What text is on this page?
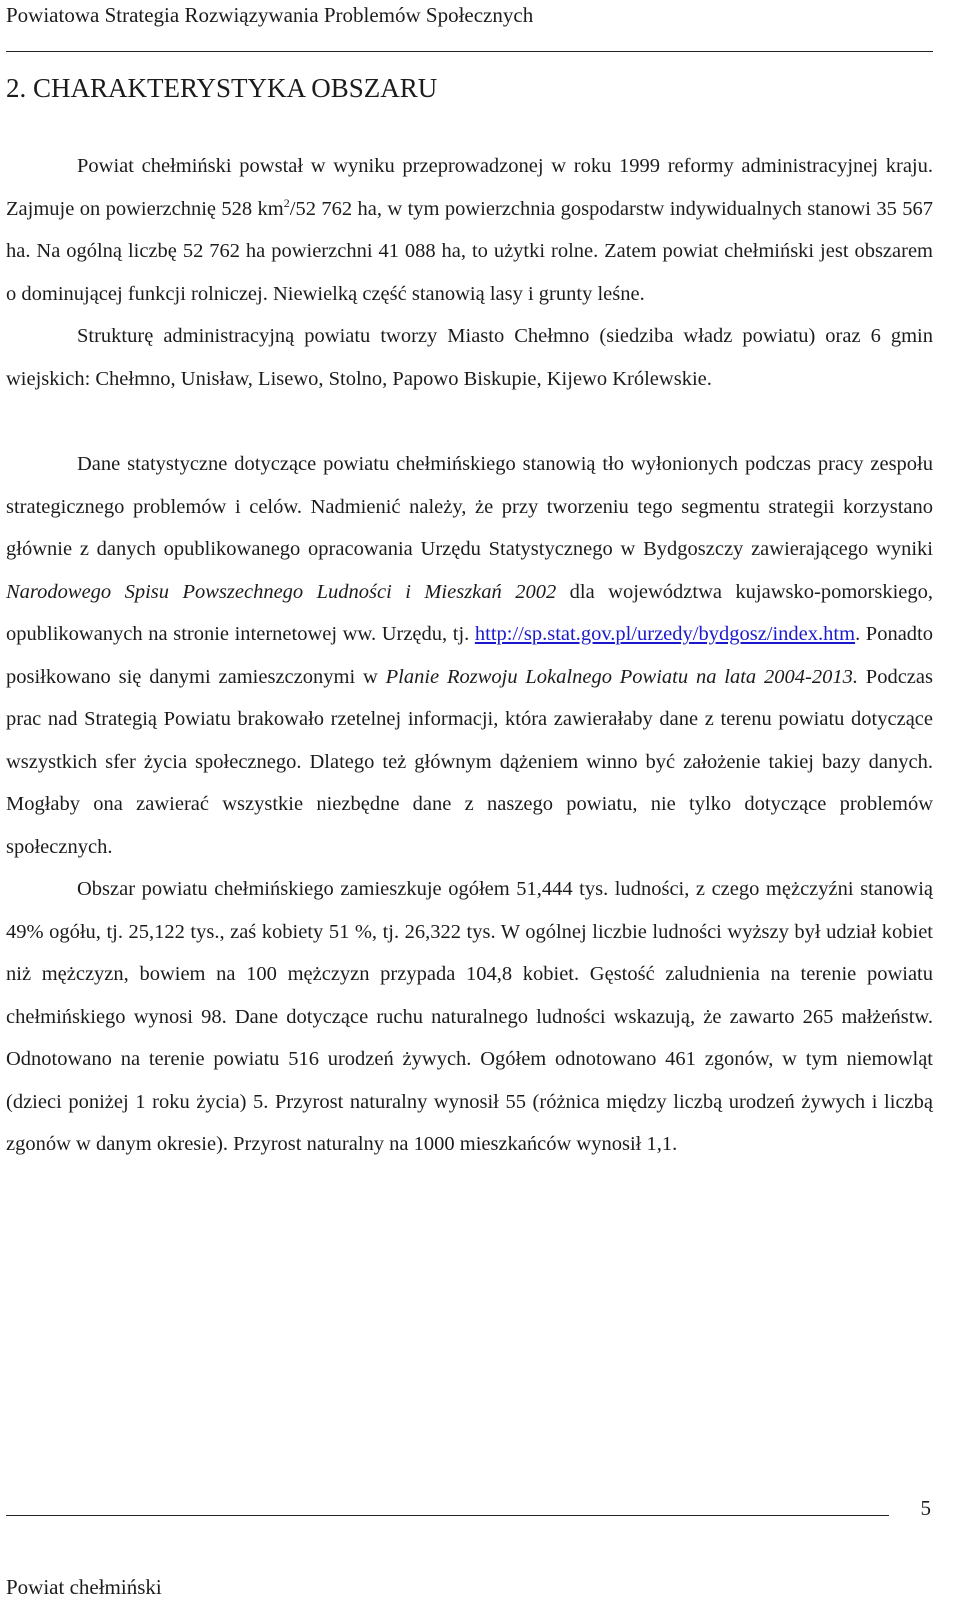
Powiatowa Strategia Rozwiązywania Problemów Społecznych
2. CHARAKTERYSTYKA OBSZARU

Powiat chełmiński powstał w wyniku przeprowadzonej w roku 1999 reformy administracyjnej kraju. Zajmuje on powierzchnię 528 $km^2/52$ 762 ha, w tym powierzchnia gospodarstw indywidualnych stanowi 35 567 ha. Na ogólną liczbę 52 762 ha powierzchni 41 088 ha, to użytki rolne. Zatem powiat chełmiński jest obszarem o dominującej funkcji rolniczej. Niewielką część stanowią lasy i grunty leśne.

Strukturę administracyjną powiatu tworzy Miasto Chełmno (siedziba władz powiatu) oraz 6 gmin wiejskich: Chełmno, Unisław, Lisewo, Stolno, Papowo Biskupie, Kijewo Królewskie.

Dane statystyczne dotyczące powiatu chełmińskiego stanowią tło wyłonionych podczas pracy zespołu strategicznego problemów i celów. Nadmienić należy, że przy tworzeniu tego segmentu strategii korzystano głównie z danych opublikowanego opracowania Urzędu Statystycznego w Bydgoszczy zawierającego wyniki Narodowego Spisu Powszechnego Ludności i Mieszkań 2002 dla województwa kujawsko-pomorskiego, opublikowanych na stronie internetowej ww. Urzędu, tj. http://sp.stat.gov.pl/urzedy/bydgosz/index.htm. Ponadto posiłkowano się danymi zamieszczonymi w Planie Rozwoju Lokalnego Powiatu na lata 2004-2013. Podczas prac nad Strategią Powiatu brakowało rzetelnej informacji, która zawierałaby dane z terenu powiatu dotyczące wszystkich sfer życia społecznego. Dlatego też głównym dążeniem winno być założenie takiej bazy danych. Mogłaby ona zawierać wszystkie niezbędne dane z naszego powiatu, nie tylko dotyczące problemów społecznych.

Obszar powiatu chełmińskiego zamieszkuje ogółem 51,444 tys. ludności, z czego mężczyźni stanowią 49% ogółu, tj. 25,122 tys., zaś kobiety 51 %, tj. 26,322 tys. W ogólnej liczbie ludności wyższy był udział kobiet niż mężczyzn, bowiem na 100 mężczyzn przypada 104,8 kobiet. Gęstość zaludnienia na terenie powiatu chełmińskiego wynosi 98. Dane dotyczące ruchu naturalnego ludności wskazują, że zawarto 265 małżeństw. Odnotowano na terenie powiatu 516 urodzeń żywych. Ogółem odnotowano 461 zgonów, w tym niemowląt (dzieci poniżej 1 roku życia) 5. Przyrost naturalny wynosił 55 (różnica między liczbą urodzeń żywych i liczbą zgonów w danym okresie). Przyrost naturalny na 1000 mieszkańców wynosił 1,1.

5
Powiat chełmiński
